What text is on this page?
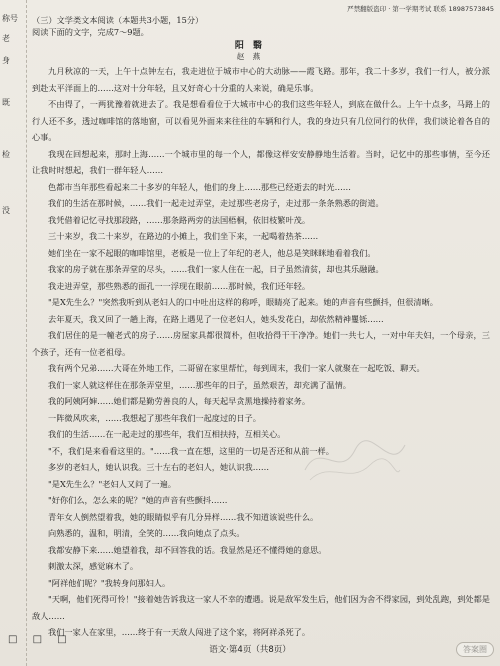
称号
老
身
既
检
没
严禁翻版盗印 · 第一学期考试 联系 18987573845
（三）文学类文本阅读（本题共3小题，15分）
阅读下面的文字，完成7～9题。
阳 翳
赵 燕

九月秋凉的一天，上午十点钟左右，我走进位于城市中心的大动脉——霞飞路。那年，我二十多岁，我们一行人，被分派到赴太平洋面上的……这对十分年轻，且又好奇心十分重的人来说，确是乐事。

不由得了，一两犹豫着就进去了。我是想看看位于大城市中心的我们这些年轻人，到底在做什么。上午十点多，马路上的行人还不多，透过咖啡馆的落地窗，可以看见外面来来往往的车辆和行人，我的身边只有几位同行的伙伴，我们谈论着各自的心事。

我现在回想起来，那时上海……一个城市里的每一个人，都像这样安安静静地生活着。当时，记忆中的那些事情，至今还让我时时想起，我们一群年轻人……

色都市当年那些看起来二十多岁的年轻人，他们的身上……那些已经逝去的时光……

我们的生活在那时候，……我们一起走过弄堂，走过那些老房子，走过那一条条熟悉的街道。

我凭借着记忆寻找那段路，……那条路两旁的法国梧桐，依旧枝繁叶茂。

三十来岁，我二十来岁，在路边的小摊上，我们坐下来，一起喝着热茶……

她们坐在一家不起眼的咖啡馆里，老板是一位上了年纪的老人，他总是笑眯眯地看着我们。

我家的房子就在那条弄堂的尽头，……我们一家人住在一起，日子虽然清贫，却也其乐融融。

我走进弄堂，那些熟悉的面孔一一浮现在眼前……那时候，我们还年轻。

"是X先生么？"突然我听到从老妇人的口中吐出这样的称呼，眼睛亮了起来。她的声音有些颤抖，但很清晰。

去年夏天，我又回了一趟上海，在路上遇见了一位老妇人，她头发花白，却依然精神矍铄……

我们居住的是一幢老式的房子……房屋家具都很简朴，但收拾得干干净净。她们一共七人，一对中年夫妇，一个母亲，三个孩子，还有一位老祖母。

我有两个兄弟……大哥在外地工作，二哥留在家里帮忙，每到周末，我们一家人就聚在一起吃饭、聊天。

我们一家人就这样住在那条弄堂里，……那些年的日子，虽然艰苦，却充满了温情。

我的阿姨阿婶……她们都是勤劳善良的人，每天起早贪黑地操持着家务。

一阵微风吹来，……我想起了那些年我们一起度过的日子。

我们的生活……在一起走过的那些年，我们互相扶持，互相关心。

"不，我们是来看看这里的。"……我一直在想，这里的一切是否还和从前一样。

多岁的老妇人，她认识我。三十左右的老妇人，她认识我……

"是X先生么？"老妇人又问了一遍。

"好你们么，怎么来的呢？"她的声音有些颤抖……

青年女人倒然望着我，她的眼睛似乎有几分异样……我不知道该说些什么。

向熟悉的，温和，明清，全笑的……我向她点了点头。

我都安静下来……她望着我，却不回答我的话。我显然是还不懂得她的意思。

刺激太深，感觉麻木了。

"阿祥他们呢？"我转身问那妇人。

"天啊，他们死得可怜！"接着她告诉我这一家人不幸的遭遇。说是敌军发生后，他们因为舍不得家园，到处乱跑，到处都是敌人……

我们一家人在家里，……终于有一天敌人闯进了这个家，将阿祥杀死了。

□ □ □
语文·第4页（共8页）	答案圈
